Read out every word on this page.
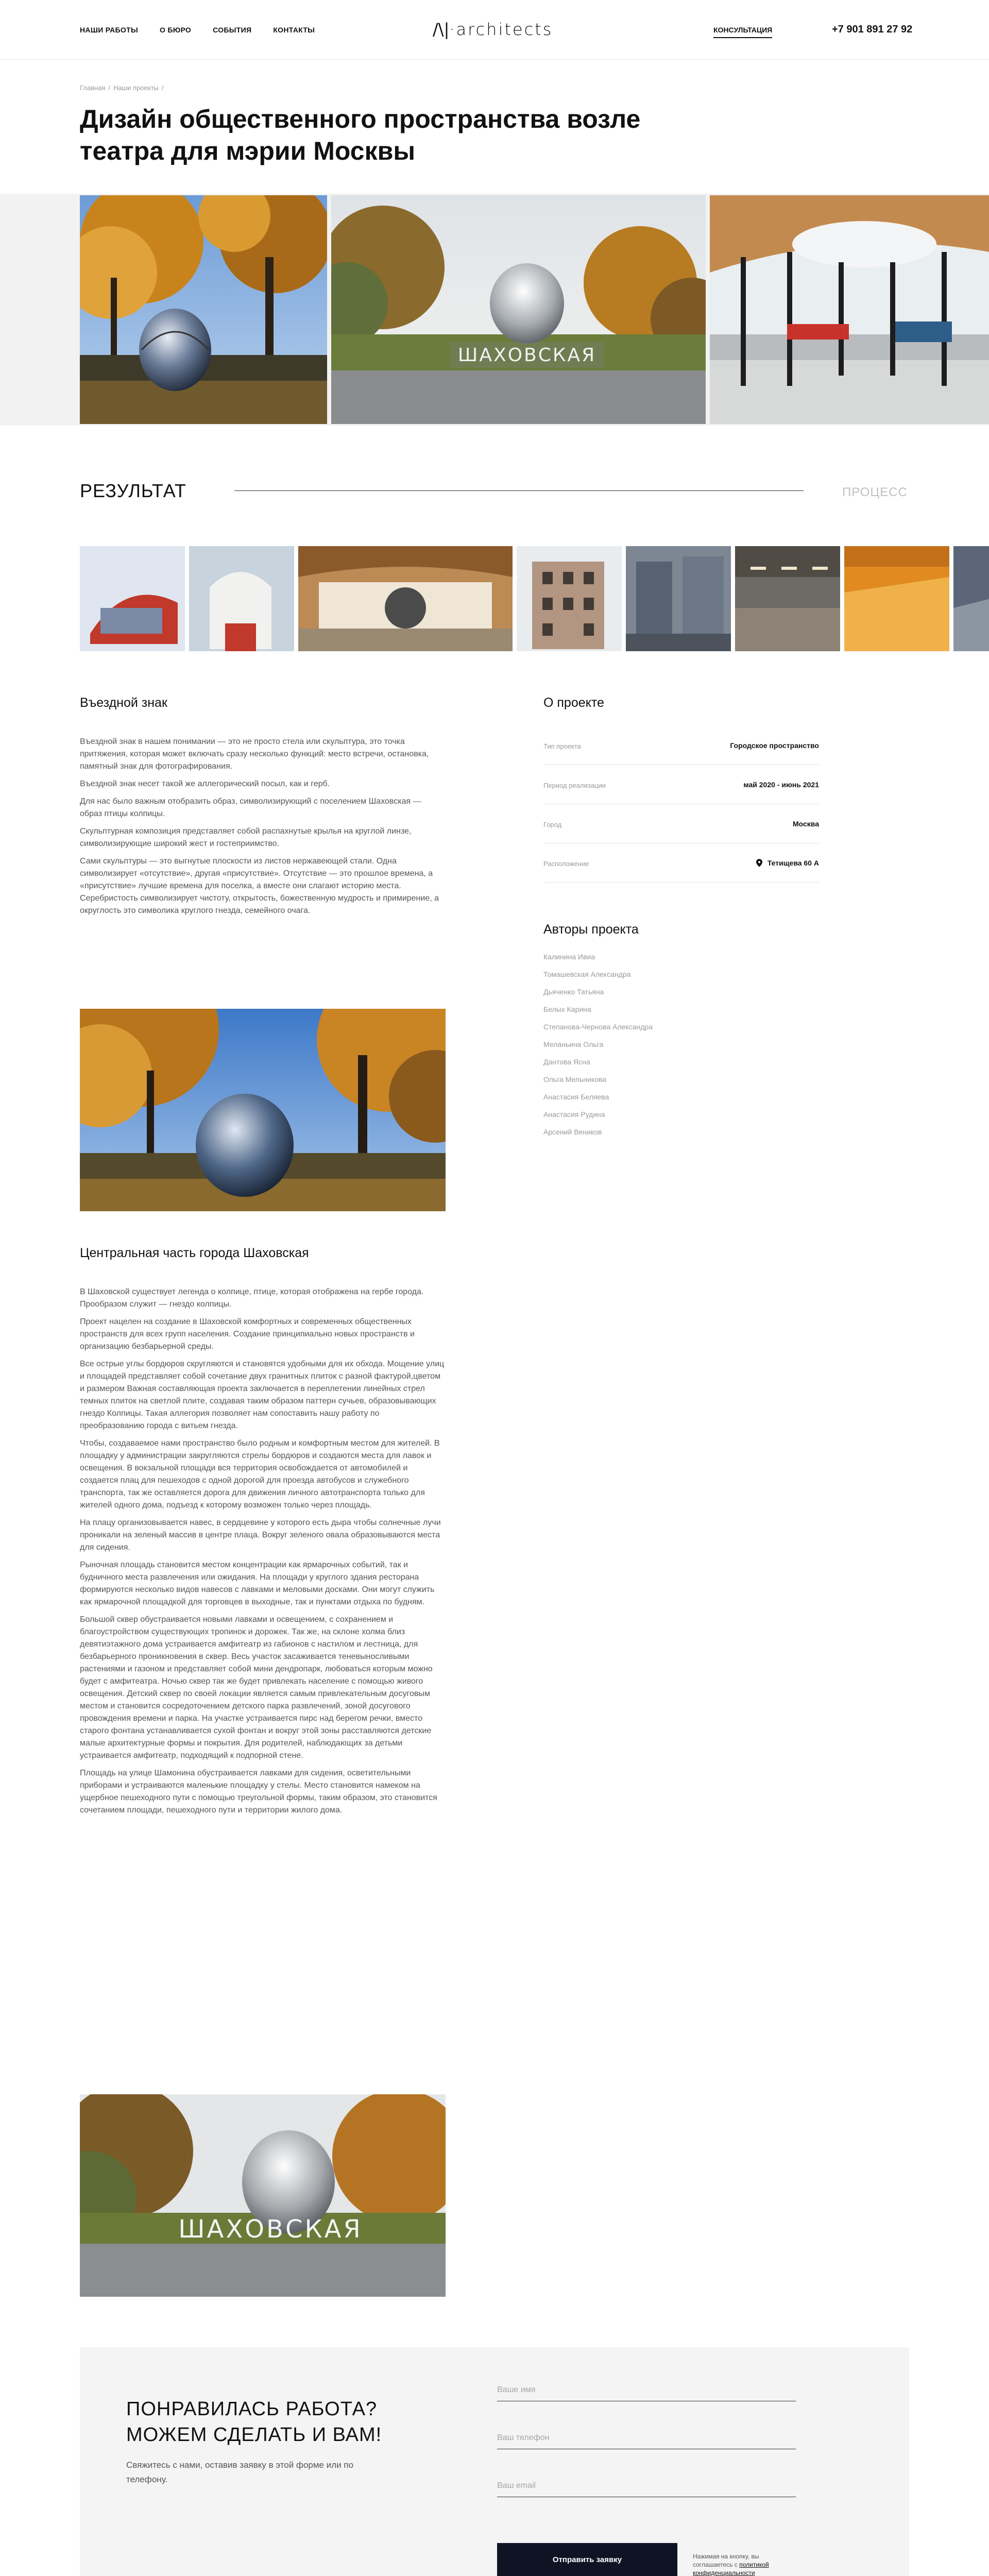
НАШИ РАБОТЫ	О БЮРО	СОБЫТИЯ	КОНТАКТЫ	/\|·architects	КОНСУЛЬТАЦИЯ	+7 901 891 27 92
Главная / Наши проекты /
Дизайн общественного пространства возле театра для мэрии Москвы
ШАХОВСКАЯ
РЕЗУЛЬТАТ	ПРОЦЕСС
Въездной знак

Въездной знак в нашем понимании — это не просто стела или скульптура, это точка притяжения, которая может включать сразу несколько функций: место встречи, остановка, памятный знак для фотографирования.

Въездной знак несет такой же аллегорический посыл, как и герб.

Для нас было важным отобразить образ, символизирующий с поселением Шаховская — образ птицы колпицы.

Скульптурная композиция представляет собой распахнутые крылья на круглой линзе, символизирующие широкий жест и гостеприимство.

Сами скульптуры — это выгнутые плоскости из листов нержавеющей стали. Одна символизирует «отсутствие», другая «присутствие». Отсутствие — это прошлое времена, а «присутствие» лучшие времена для поселка, а вместе они слагают историю места. Серебристость символизирует чистоту, открытость, божественную мудрость и примирение, а округлость это символика круглого гнезда, семейного очага.

Центральная часть города Шаховская

В Шаховской существует легенда о колпице, птице, которая отображена на гербе города. Прообразом служит — гнездо колпицы.

Проект нацелен на создание в Шаховской комфортных и современных общественных пространств для всех групп населения. Создание принципиально новых пространств и организацию безбарьерной среды.

Все острые углы бордюров скругляются и становятся удобными для их обхода. Мощение улиц и площадей представляет собой сочетание двух гранитных плиток с разной фактурой,цветом и размером Важная составляющая проекта заключается в переплетении линейных стрел темных плиток на светлой плите, создавая таким образом паттерн сучьев, образовывающих гнездо Колпицы. Такая аллегория позволяет нам сопоставить нашу работу по преобразованию города с витьем гнезда.

Чтобы, создаваемое нами пространство было родным и комфортным местом для жителей. В площадку у администрации закругляются стрелы бордюров и создаются места для лавок и освещения. В вокзальной площади вся территория освобождается от автомобилей и создается плац для пешеходов с одной дорогой для проезда автобусов и служебного транспорта, так же оставляется дорога для движения личного автотранспорта только для жителей одного дома, подъезд к которому возможен только через площадь.

На плацу организовывается навес, в сердцевине у которого есть дыра чтобы солнечные лучи проникали на зеленый массив в центре плаца. Вокруг зеленого овала образовываются места для сидения.

Рыночная площадь становится местом концентрации как ярмарочных событий, так и будничного места развлечения или ожидания. На площади у круглого здания ресторана формируются несколько видов навесов с лавками и меловыми досками. Они могут служить как ярмарочной площадкой для торговцев в выходные, так и пунктами отдыха по будням.

Большой сквер обустраивается новыми лавками и освещением, с сохранением и благоустройством существующих тропинок и дорожек. Так же, на склоне холма близ девятиэтажного дома устраивается амфитеатр из габионов с настилом и лестница, для безбарьерного проникновения в сквер. Весь участок засаживается теневыносливыми растениями и газоном и представляет собой мини дендропарк, любоваться которым можно будет с амфитеатра. Ночью сквер так же будет привлекать население с помощью живого освещения. Детский сквер по своей локации является самым привлекательным досуговым местом и становится сосредоточением детского парка развлечений, зоной досугового провождения времени и парка. На участке устраивается пирс над берегом речки, вместо старого фонтана устанавливается сухой фонтан и вокруг этой зоны расставляются детские малые архитектурные формы и покрытия. Для родителей, наблюдающих за детьми устраивается амфитеатр, подходящий к подпорной стене.

Площадь на улице Шамонина обустраивается лавками для сидения, осветительными приборами и устраиваются маленькие площадку у стелы. Место становится намеком на ущербное пешеходного пути с помощью треугольной формы, таким образом, это становится сочетанием площади, пешеходного пути и территории жилого дома.

ШАХОВСКАЯ
О проекте
Тип проекта	Городское пространство
Период реализации	май 2020 - июнь 2021
Город	Москва
Расположение	Тетищева 60 А
Авторы проекта
Калинина Ивиа
Томашевская Александра
Дьяченко Татьяна
Белых Карина
Степанова-Чернова Александра
Меланьина Ольга
Дантова Ясна
Ольга Мельникова
Анастасия Беляева
Анастасия Рудина
Арсений Веников
ПОНРАВИЛАСЬ РАБОТА? МОЖЕМ СДЕЛАТЬ И ВАМ!
Свяжитесь с нами, оставив заявку в этой форме или по телефону.
Ваше имя
Ваш телефон
Ваш email
Отправить заявку	Нажимая на кнопку, вы соглашаетесь с политикой конфиденциальности
